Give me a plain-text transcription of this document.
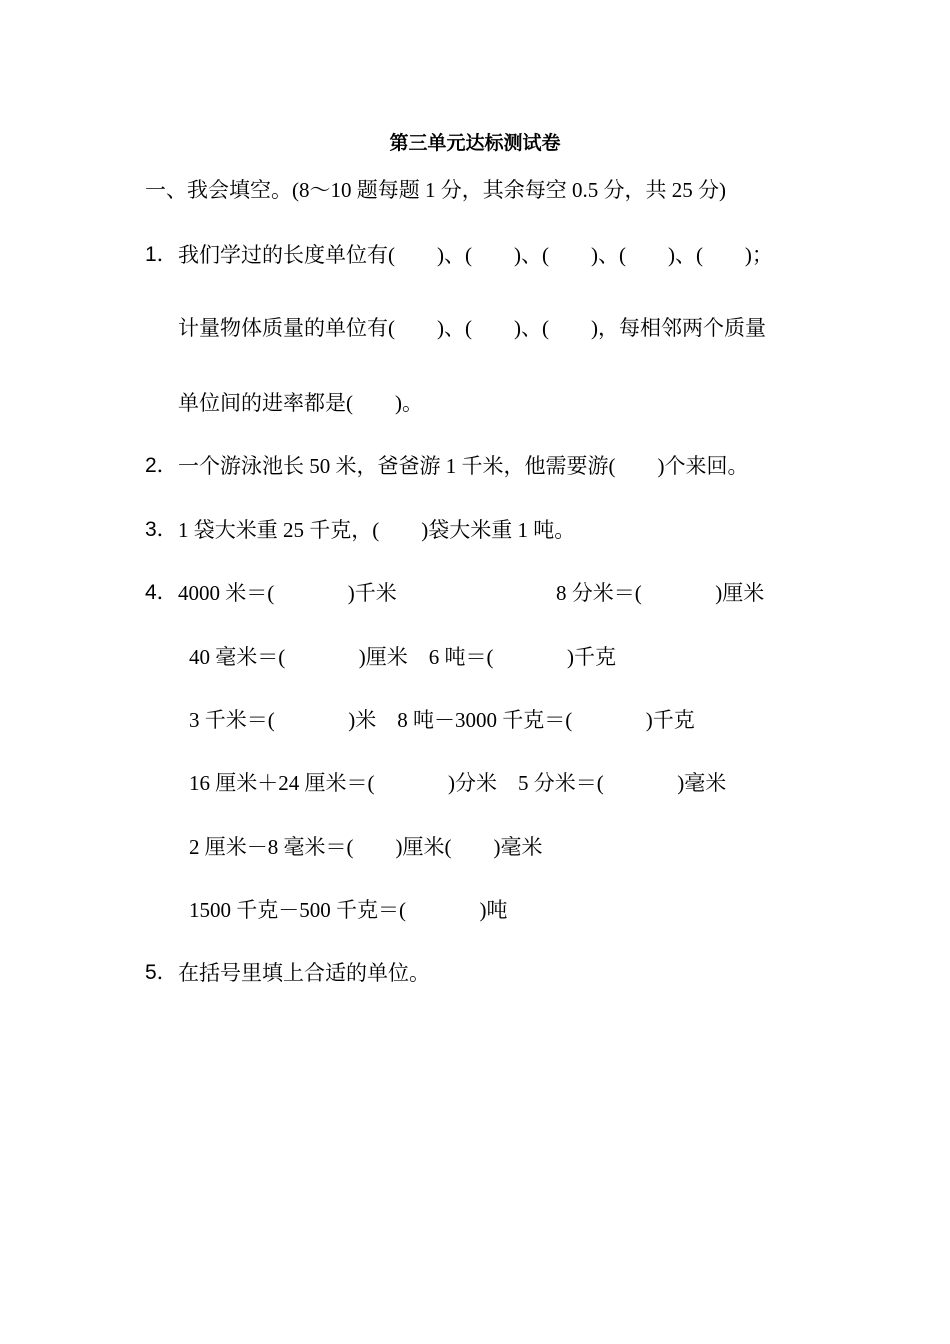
第三单元达标测试卷
一、我会填空。(8～10 题每题 1 分，其余每空 0.5 分，共 25 分)
1． 我们学过的长度单位有(        )、(        )、(        )、(        )、(        )；
计量物体质量的单位有(        )、(        )、(        )，每相邻两个质量
单位间的进率都是(        )。
2． 一个游泳池长 50 米，爸爸游 1 千米，他需要游(        )个来回。
3． 1 袋大米重 25 千克，(        )袋大米重 1 吨。
4． 4000 米＝(              )千米	8 分米＝(              )厘米
40 毫米＝(              )厘米    6 吨＝(              )千克
3 千米＝(              )米    8 吨－3000 千克＝(              )千克
16 厘米＋24 厘米＝(              )分米    5 分米＝(              )毫米
2 厘米－8 毫米＝(        )厘米(        )毫米
1500 千克－500 千克＝(              )吨
5． 在括号里填上合适的单位。
